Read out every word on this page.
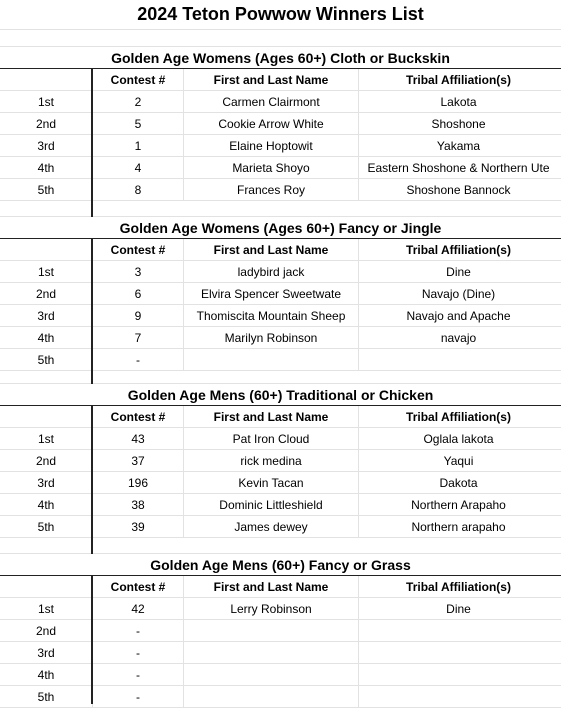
2024 Teton Powwow Winners List
Golden Age Womens (Ages 60+) Cloth or Buckskin
Contest #	First and Last Name	Tribal Affiliation(s)
1st	2	Carmen Clairmont	Lakota
2nd	5	Cookie Arrow White	Shoshone
3rd	1	Elaine Hoptowit	Yakama
4th	4	Marieta Shoyo	Eastern Shoshone & Northern Ute
5th	8	Frances Roy	Shoshone Bannock
Golden Age Womens (Ages 60+) Fancy or Jingle
Contest #	First and Last Name	Tribal Affiliation(s)
1st	3	ladybird jack	Dine
2nd	6	Elvira Spencer Sweetwate	Navajo (Dine)
3rd	9	Thomiscita Mountain Sheep	Navajo and Apache
4th	7	Marilyn Robinson	navajo
5th	-
Golden Age Mens (60+) Traditional or Chicken
Contest #	First and Last Name	Tribal Affiliation(s)
1st	43	Pat Iron Cloud	Oglala lakota
2nd	37	rick medina	Yaqui
3rd	196	Kevin Tacan	Dakota
4th	38	Dominic Littleshield	Northern Arapaho
5th	39	James dewey	Northern arapaho
Golden Age Mens (60+) Fancy or Grass
Contest #	First and Last Name	Tribal Affiliation(s)
1st	42	Lerry Robinson	Dine
2nd	-
3rd	-
4th	-
5th	-
